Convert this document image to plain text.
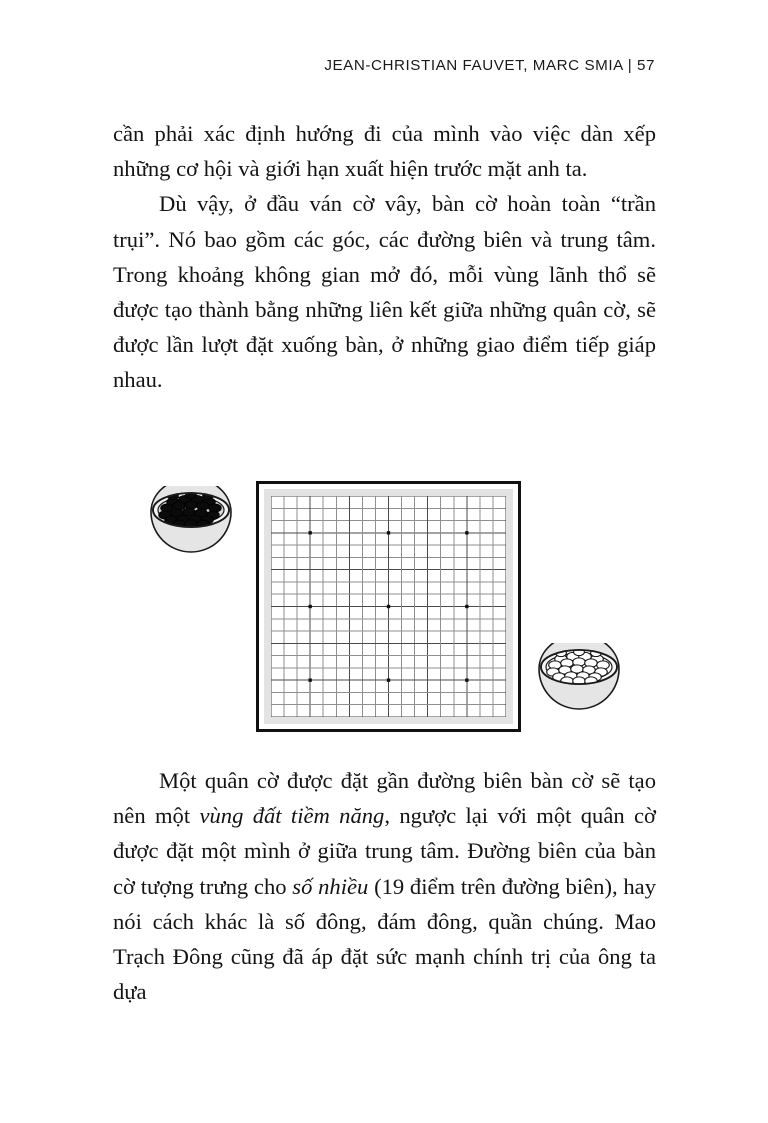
JEAN-CHRISTIAN FAUVET, MARC SMIA | 57

cần phải xác định hướng đi của mình vào việc dàn xếp những cơ hội và giới hạn xuất hiện trước mặt anh ta.

Dù vậy, ở đầu ván cờ vây, bàn cờ hoàn toàn “trần trụi”. Nó bao gồm các góc, các đường biên và trung tâm. Trong khoảng không gian mở đó, mỗi vùng lãnh thổ sẽ được tạo thành bằng những liên kết giữa những quân cờ, sẽ được lần lượt đặt xuống bàn, ở những giao điểm tiếp giáp nhau.

Một quân cờ được đặt gần đường biên bàn cờ sẽ tạo nên một vùng đất tiềm năng, ngược lại với một quân cờ được đặt một mình ở giữa trung tâm. Đường biên của bàn cờ tượng trưng cho số nhiều (19 điểm trên đường biên), hay nói cách khác là số đông, đám đông, quần chúng. Mao Trạch Đông cũng đã áp đặt sức mạnh chính trị của ông ta dựa
